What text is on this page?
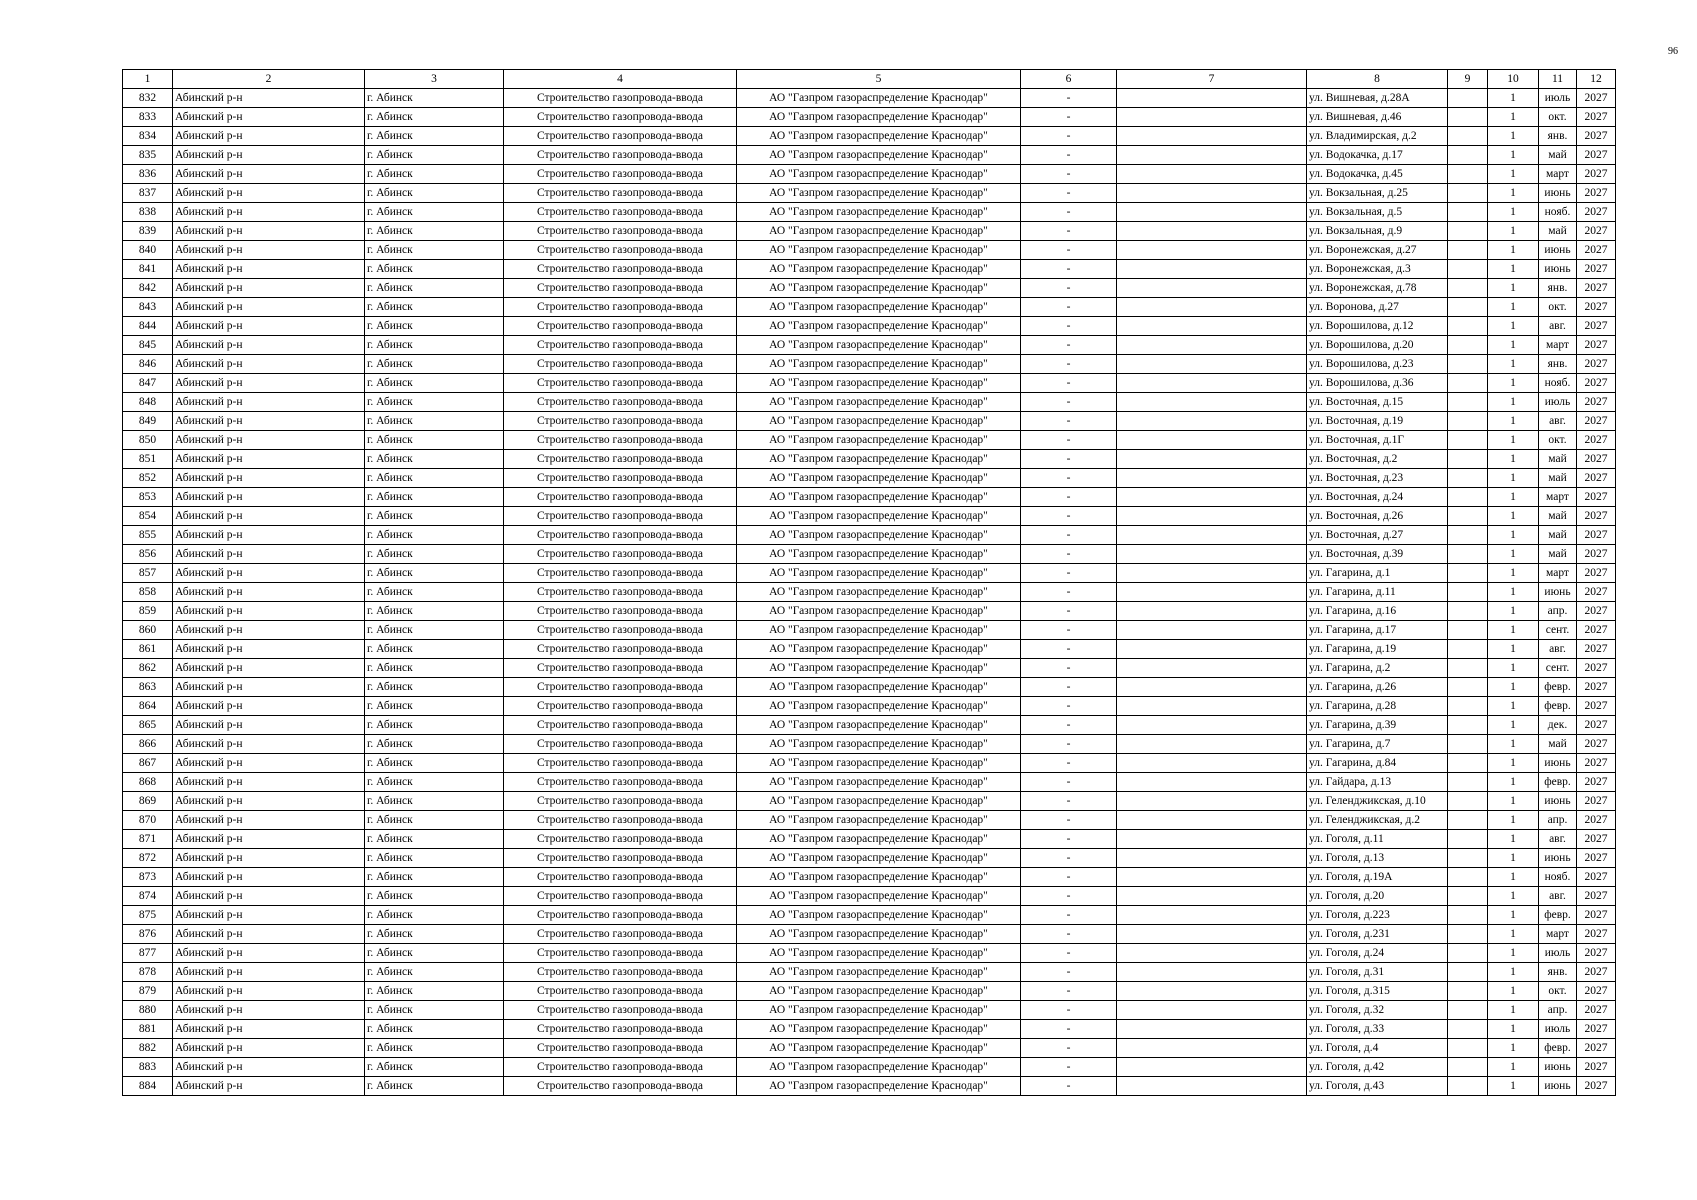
96
1	2	3	4	5	6	7	8	9	10	11	12
832	Абинский р-н	г. Абинск	Строительство газопровода-ввода	АО "Газпром газораспределение Краснодар"	-		ул. Вишневая, д.28А		1	июль	2027
833	Абинский р-н	г. Абинск	Строительство газопровода-ввода	АО "Газпром газораспределение Краснодар"	-		ул. Вишневая, д.46		1	окт.	2027
834	Абинский р-н	г. Абинск	Строительство газопровода-ввода	АО "Газпром газораспределение Краснодар"	-		ул. Владимирская, д.2		1	янв.	2027
835	Абинский р-н	г. Абинск	Строительство газопровода-ввода	АО "Газпром газораспределение Краснодар"	-		ул. Водокачка, д.17		1	май	2027
836	Абинский р-н	г. Абинск	Строительство газопровода-ввода	АО "Газпром газораспределение Краснодар"	-		ул. Водокачка, д.45		1	март	2027
837	Абинский р-н	г. Абинск	Строительство газопровода-ввода	АО "Газпром газораспределение Краснодар"	-		ул. Вокзальная, д.25		1	июнь	2027
838	Абинский р-н	г. Абинск	Строительство газопровода-ввода	АО "Газпром газораспределение Краснодар"	-		ул. Вокзальная, д.5		1	нояб.	2027
839	Абинский р-н	г. Абинск	Строительство газопровода-ввода	АО "Газпром газораспределение Краснодар"	-		ул. Вокзальная, д.9		1	май	2027
840	Абинский р-н	г. Абинск	Строительство газопровода-ввода	АО "Газпром газораспределение Краснодар"	-		ул. Воронежская, д.27		1	июнь	2027
841	Абинский р-н	г. Абинск	Строительство газопровода-ввода	АО "Газпром газораспределение Краснодар"	-		ул. Воронежская, д.3		1	июнь	2027
842	Абинский р-н	г. Абинск	Строительство газопровода-ввода	АО "Газпром газораспределение Краснодар"	-		ул. Воронежская, д.78		1	янв.	2027
843	Абинский р-н	г. Абинск	Строительство газопровода-ввода	АО "Газпром газораспределение Краснодар"	-		ул. Воронова, д.27		1	окт.	2027
844	Абинский р-н	г. Абинск	Строительство газопровода-ввода	АО "Газпром газораспределение Краснодар"	-		ул. Ворошилова, д.12		1	авг.	2027
845	Абинский р-н	г. Абинск	Строительство газопровода-ввода	АО "Газпром газораспределение Краснодар"	-		ул. Ворошилова, д.20		1	март	2027
846	Абинский р-н	г. Абинск	Строительство газопровода-ввода	АО "Газпром газораспределение Краснодар"	-		ул. Ворошилова, д.23		1	янв.	2027
847	Абинский р-н	г. Абинск	Строительство газопровода-ввода	АО "Газпром газораспределение Краснодар"	-		ул. Ворошилова, д.36		1	нояб.	2027
848	Абинский р-н	г. Абинск	Строительство газопровода-ввода	АО "Газпром газораспределение Краснодар"	-		ул. Восточная, д.15		1	июль	2027
849	Абинский р-н	г. Абинск	Строительство газопровода-ввода	АО "Газпром газораспределение Краснодар"	-		ул. Восточная, д.19		1	авг.	2027
850	Абинский р-н	г. Абинск	Строительство газопровода-ввода	АО "Газпром газораспределение Краснодар"	-		ул. Восточная, д.1Г		1	окт.	2027
851	Абинский р-н	г. Абинск	Строительство газопровода-ввода	АО "Газпром газораспределение Краснодар"	-		ул. Восточная, д.2		1	май	2027
852	Абинский р-н	г. Абинск	Строительство газопровода-ввода	АО "Газпром газораспределение Краснодар"	-		ул. Восточная, д.23		1	май	2027
853	Абинский р-н	г. Абинск	Строительство газопровода-ввода	АО "Газпром газораспределение Краснодар"	-		ул. Восточная, д.24		1	март	2027
854	Абинский р-н	г. Абинск	Строительство газопровода-ввода	АО "Газпром газораспределение Краснодар"	-		ул. Восточная, д.26		1	май	2027
855	Абинский р-н	г. Абинск	Строительство газопровода-ввода	АО "Газпром газораспределение Краснодар"	-		ул. Восточная, д.27		1	май	2027
856	Абинский р-н	г. Абинск	Строительство газопровода-ввода	АО "Газпром газораспределение Краснодар"	-		ул. Восточная, д.39		1	май	2027
857	Абинский р-н	г. Абинск	Строительство газопровода-ввода	АО "Газпром газораспределение Краснодар"	-		ул. Гагарина, д.1		1	март	2027
858	Абинский р-н	г. Абинск	Строительство газопровода-ввода	АО "Газпром газораспределение Краснодар"	-		ул. Гагарина, д.11		1	июнь	2027
859	Абинский р-н	г. Абинск	Строительство газопровода-ввода	АО "Газпром газораспределение Краснодар"	-		ул. Гагарина, д.16		1	апр.	2027
860	Абинский р-н	г. Абинск	Строительство газопровода-ввода	АО "Газпром газораспределение Краснодар"	-		ул. Гагарина, д.17		1	сент.	2027
861	Абинский р-н	г. Абинск	Строительство газопровода-ввода	АО "Газпром газораспределение Краснодар"	-		ул. Гагарина, д.19		1	авг.	2027
862	Абинский р-н	г. Абинск	Строительство газопровода-ввода	АО "Газпром газораспределение Краснодар"	-		ул. Гагарина, д.2		1	сент.	2027
863	Абинский р-н	г. Абинск	Строительство газопровода-ввода	АО "Газпром газораспределение Краснодар"	-		ул. Гагарина, д.26		1	февр.	2027
864	Абинский р-н	г. Абинск	Строительство газопровода-ввода	АО "Газпром газораспределение Краснодар"	-		ул. Гагарина, д.28		1	февр.	2027
865	Абинский р-н	г. Абинск	Строительство газопровода-ввода	АО "Газпром газораспределение Краснодар"	-		ул. Гагарина, д.39		1	дек.	2027
866	Абинский р-н	г. Абинск	Строительство газопровода-ввода	АО "Газпром газораспределение Краснодар"	-		ул. Гагарина, д.7		1	май	2027
867	Абинский р-н	г. Абинск	Строительство газопровода-ввода	АО "Газпром газораспределение Краснодар"	-		ул. Гагарина, д.84		1	июнь	2027
868	Абинский р-н	г. Абинск	Строительство газопровода-ввода	АО "Газпром газораспределение Краснодар"	-		ул. Гайдара, д.13		1	февр.	2027
869	Абинский р-н	г. Абинск	Строительство газопровода-ввода	АО "Газпром газораспределение Краснодар"	-		ул. Геленджикская, д.10		1	июнь	2027
870	Абинский р-н	г. Абинск	Строительство газопровода-ввода	АО "Газпром газораспределение Краснодар"	-		ул. Геленджикская, д.2		1	апр.	2027
871	Абинский р-н	г. Абинск	Строительство газопровода-ввода	АО "Газпром газораспределение Краснодар"	-		ул. Гоголя, д.11		1	авг.	2027
872	Абинский р-н	г. Абинск	Строительство газопровода-ввода	АО "Газпром газораспределение Краснодар"	-		ул. Гоголя, д.13		1	июнь	2027
873	Абинский р-н	г. Абинск	Строительство газопровода-ввода	АО "Газпром газораспределение Краснодар"	-		ул. Гоголя, д.19А		1	нояб.	2027
874	Абинский р-н	г. Абинск	Строительство газопровода-ввода	АО "Газпром газораспределение Краснодар"	-		ул. Гоголя, д.20		1	авг.	2027
875	Абинский р-н	г. Абинск	Строительство газопровода-ввода	АО "Газпром газораспределение Краснодар"	-		ул. Гоголя, д.223		1	февр.	2027
876	Абинский р-н	г. Абинск	Строительство газопровода-ввода	АО "Газпром газораспределение Краснодар"	-		ул. Гоголя, д.231		1	март	2027
877	Абинский р-н	г. Абинск	Строительство газопровода-ввода	АО "Газпром газораспределение Краснодар"	-		ул. Гоголя, д.24		1	июль	2027
878	Абинский р-н	г. Абинск	Строительство газопровода-ввода	АО "Газпром газораспределение Краснодар"	-		ул. Гоголя, д.31		1	янв.	2027
879	Абинский р-н	г. Абинск	Строительство газопровода-ввода	АО "Газпром газораспределение Краснодар"	-		ул. Гоголя, д.315		1	окт.	2027
880	Абинский р-н	г. Абинск	Строительство газопровода-ввода	АО "Газпром газораспределение Краснодар"	-		ул. Гоголя, д.32		1	апр.	2027
881	Абинский р-н	г. Абинск	Строительство газопровода-ввода	АО "Газпром газораспределение Краснодар"	-		ул. Гоголя, д.33		1	июль	2027
882	Абинский р-н	г. Абинск	Строительство газопровода-ввода	АО "Газпром газораспределение Краснодар"	-		ул. Гоголя, д.4		1	февр.	2027
883	Абинский р-н	г. Абинск	Строительство газопровода-ввода	АО "Газпром газораспределение Краснодар"	-		ул. Гоголя, д.42		1	июнь	2027
884	Абинский р-н	г. Абинск	Строительство газопровода-ввода	АО "Газпром газораспределение Краснодар"	-		ул. Гоголя, д.43		1	июнь	2027
